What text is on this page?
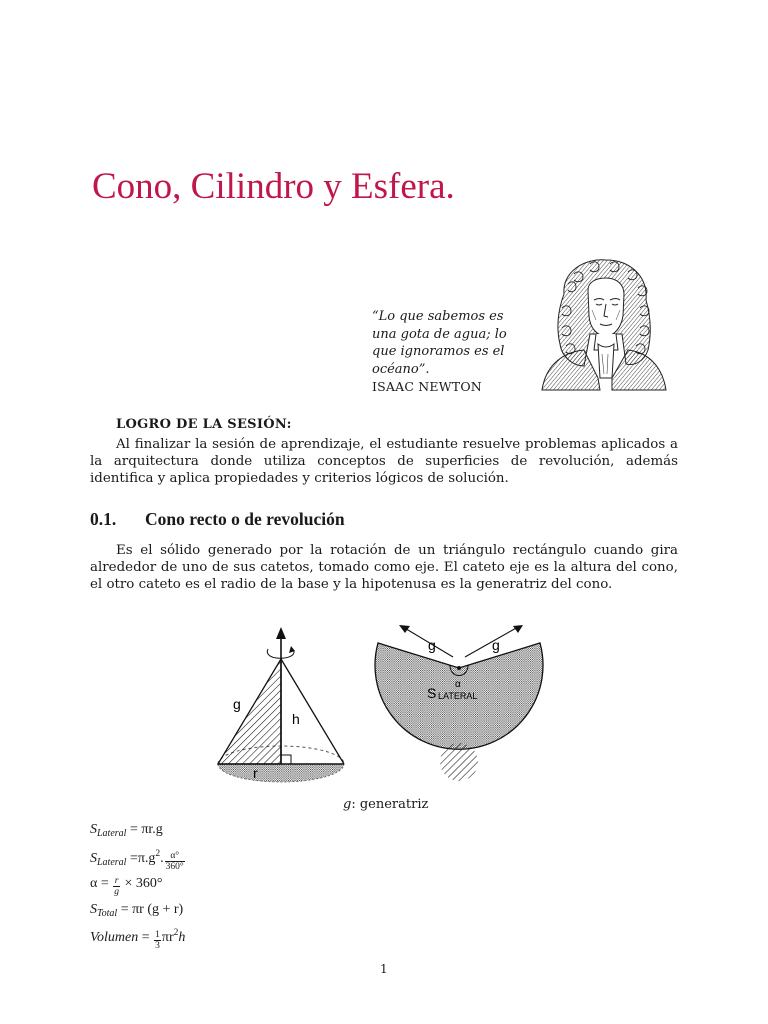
Cono, Cilindro y Esfera.
“Lo que sabemos es
una gota de agua; lo
que ignoramos es el
océano”.
ISAAC NEWTON
LOGRO DE LA SESIÓN:
Al finalizar la sesión de aprendizaje, el estudiante resuelve problemas aplicados a la arquitectura donde utiliza conceptos de superficies de revolución, además identifica y aplica propiedades y criterios lógicos de solución.
0.1. Cono recto o de revolución
Es el sólido generado por la rotación de un triángulo rectángulo cuando gira alrededor de uno de sus catetos, tomado como eje. El cateto eje es la altura del cono, el otro cateto es el radio de la base y la hipotenusa es la generatriz del cono.
g
h
r
g	g
α
S LATERAL
g: generatriz
$S_{Lateral} = \pi r.g$
$S_{Lateral} =\pi.g^2$. $\frac{\alpha^\circ}{360^\circ}$
$\alpha = \frac{r}{g} \times 360^\circ$
$S_{Total} = \pi r$ (g + r)
Volumen = $\frac{1}{3} \pi r^2h$
1
